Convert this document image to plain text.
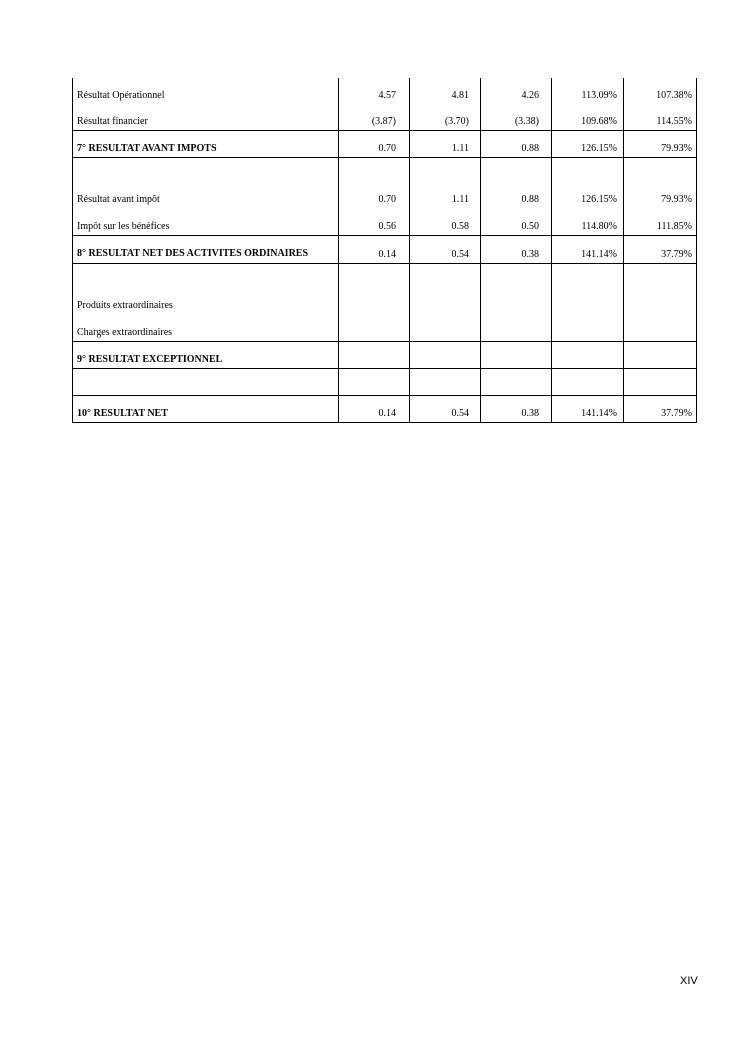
Résultat Opérationnel	4.57	4.81	4.26	113.09%	107.38%
Résultat financier	(3.87)	(3.70)	(3.38)	109.68%	114.55%
7° RESULTAT AVANT IMPOTS	0.70	1.11	0.88	126.15%	79.93%
Résultat avant impôt	0.70	1.11	0.88	126.15%	79.93%
Impôt sur les bénéfices	0.56	0.58	0.50	114.80%	111.85%
8° RESULTAT NET DES ACTIVITES ORDINAIRES	0.14	0.54	0.38	141.14%	37.79%
Produits extraordinaires					
Charges extraordinaires					
9° RESULTAT EXCEPTIONNEL					

10° RESULTAT NET	0.14	0.54	0.38	141.14%	37.79%
XIV
